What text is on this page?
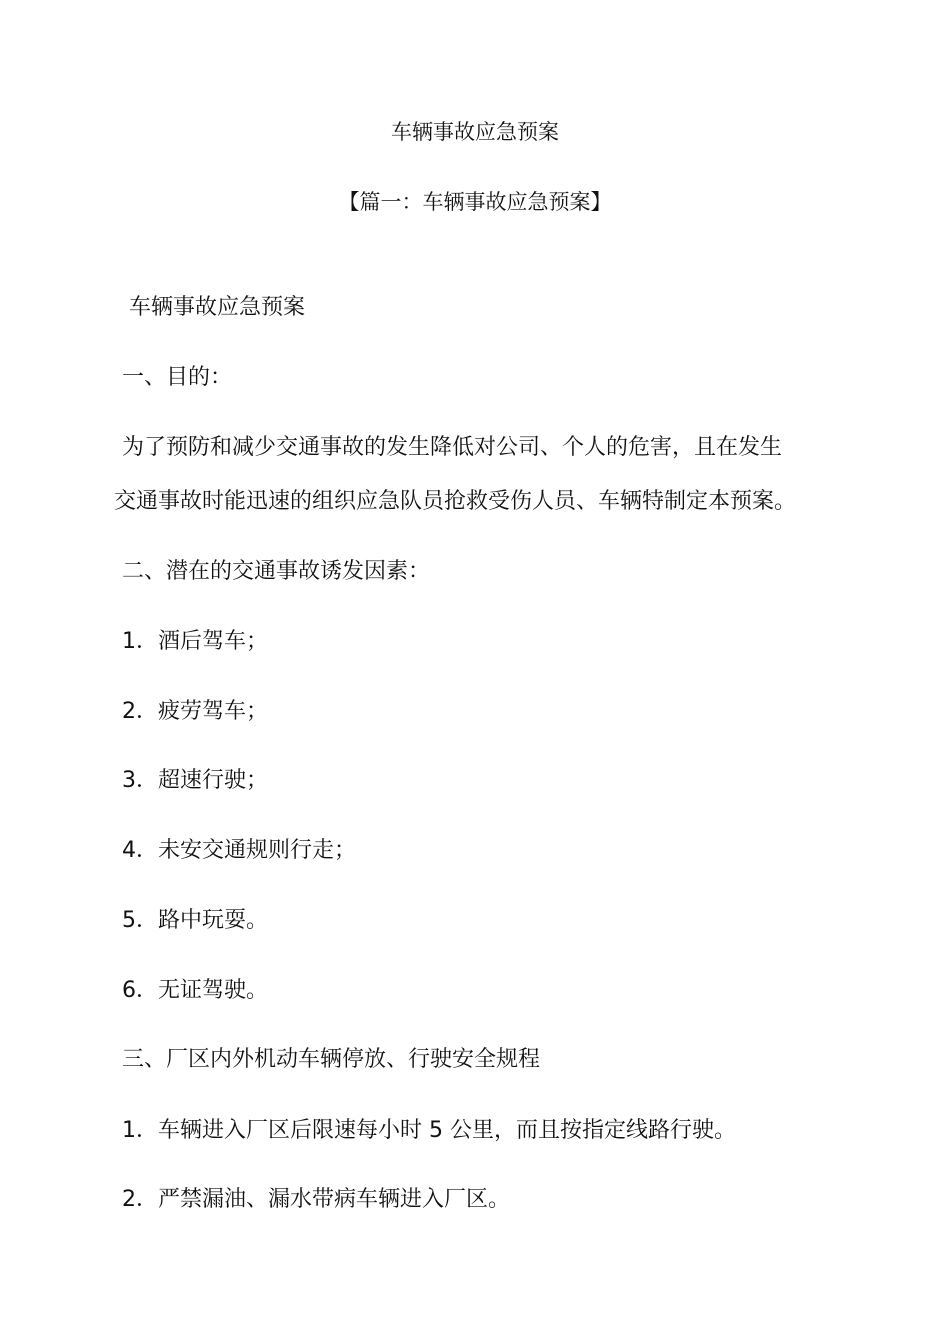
车辆事故应急预案
【篇一：车辆事故应急预案】
车辆事故应急预案
一、目的：
为了预防和减少交通事故的发生降低对公司、个人的危害，且在发生
交通事故时能迅速的组织应急队员抢救受伤人员、车辆特制定本预案。
二、潜在的交通事故诱发因素：
1．酒后驾车；
2．疲劳驾车；
3．超速行驶；
4．未安交通规则行走；
5．路中玩耍。
6．无证驾驶。
三、厂区内外机动车辆停放、行驶安全规程
1．车辆进入厂区后限速每小时 5 公里，而且按指定线路行驶。
2．严禁漏油、漏水带病车辆进入厂区。
